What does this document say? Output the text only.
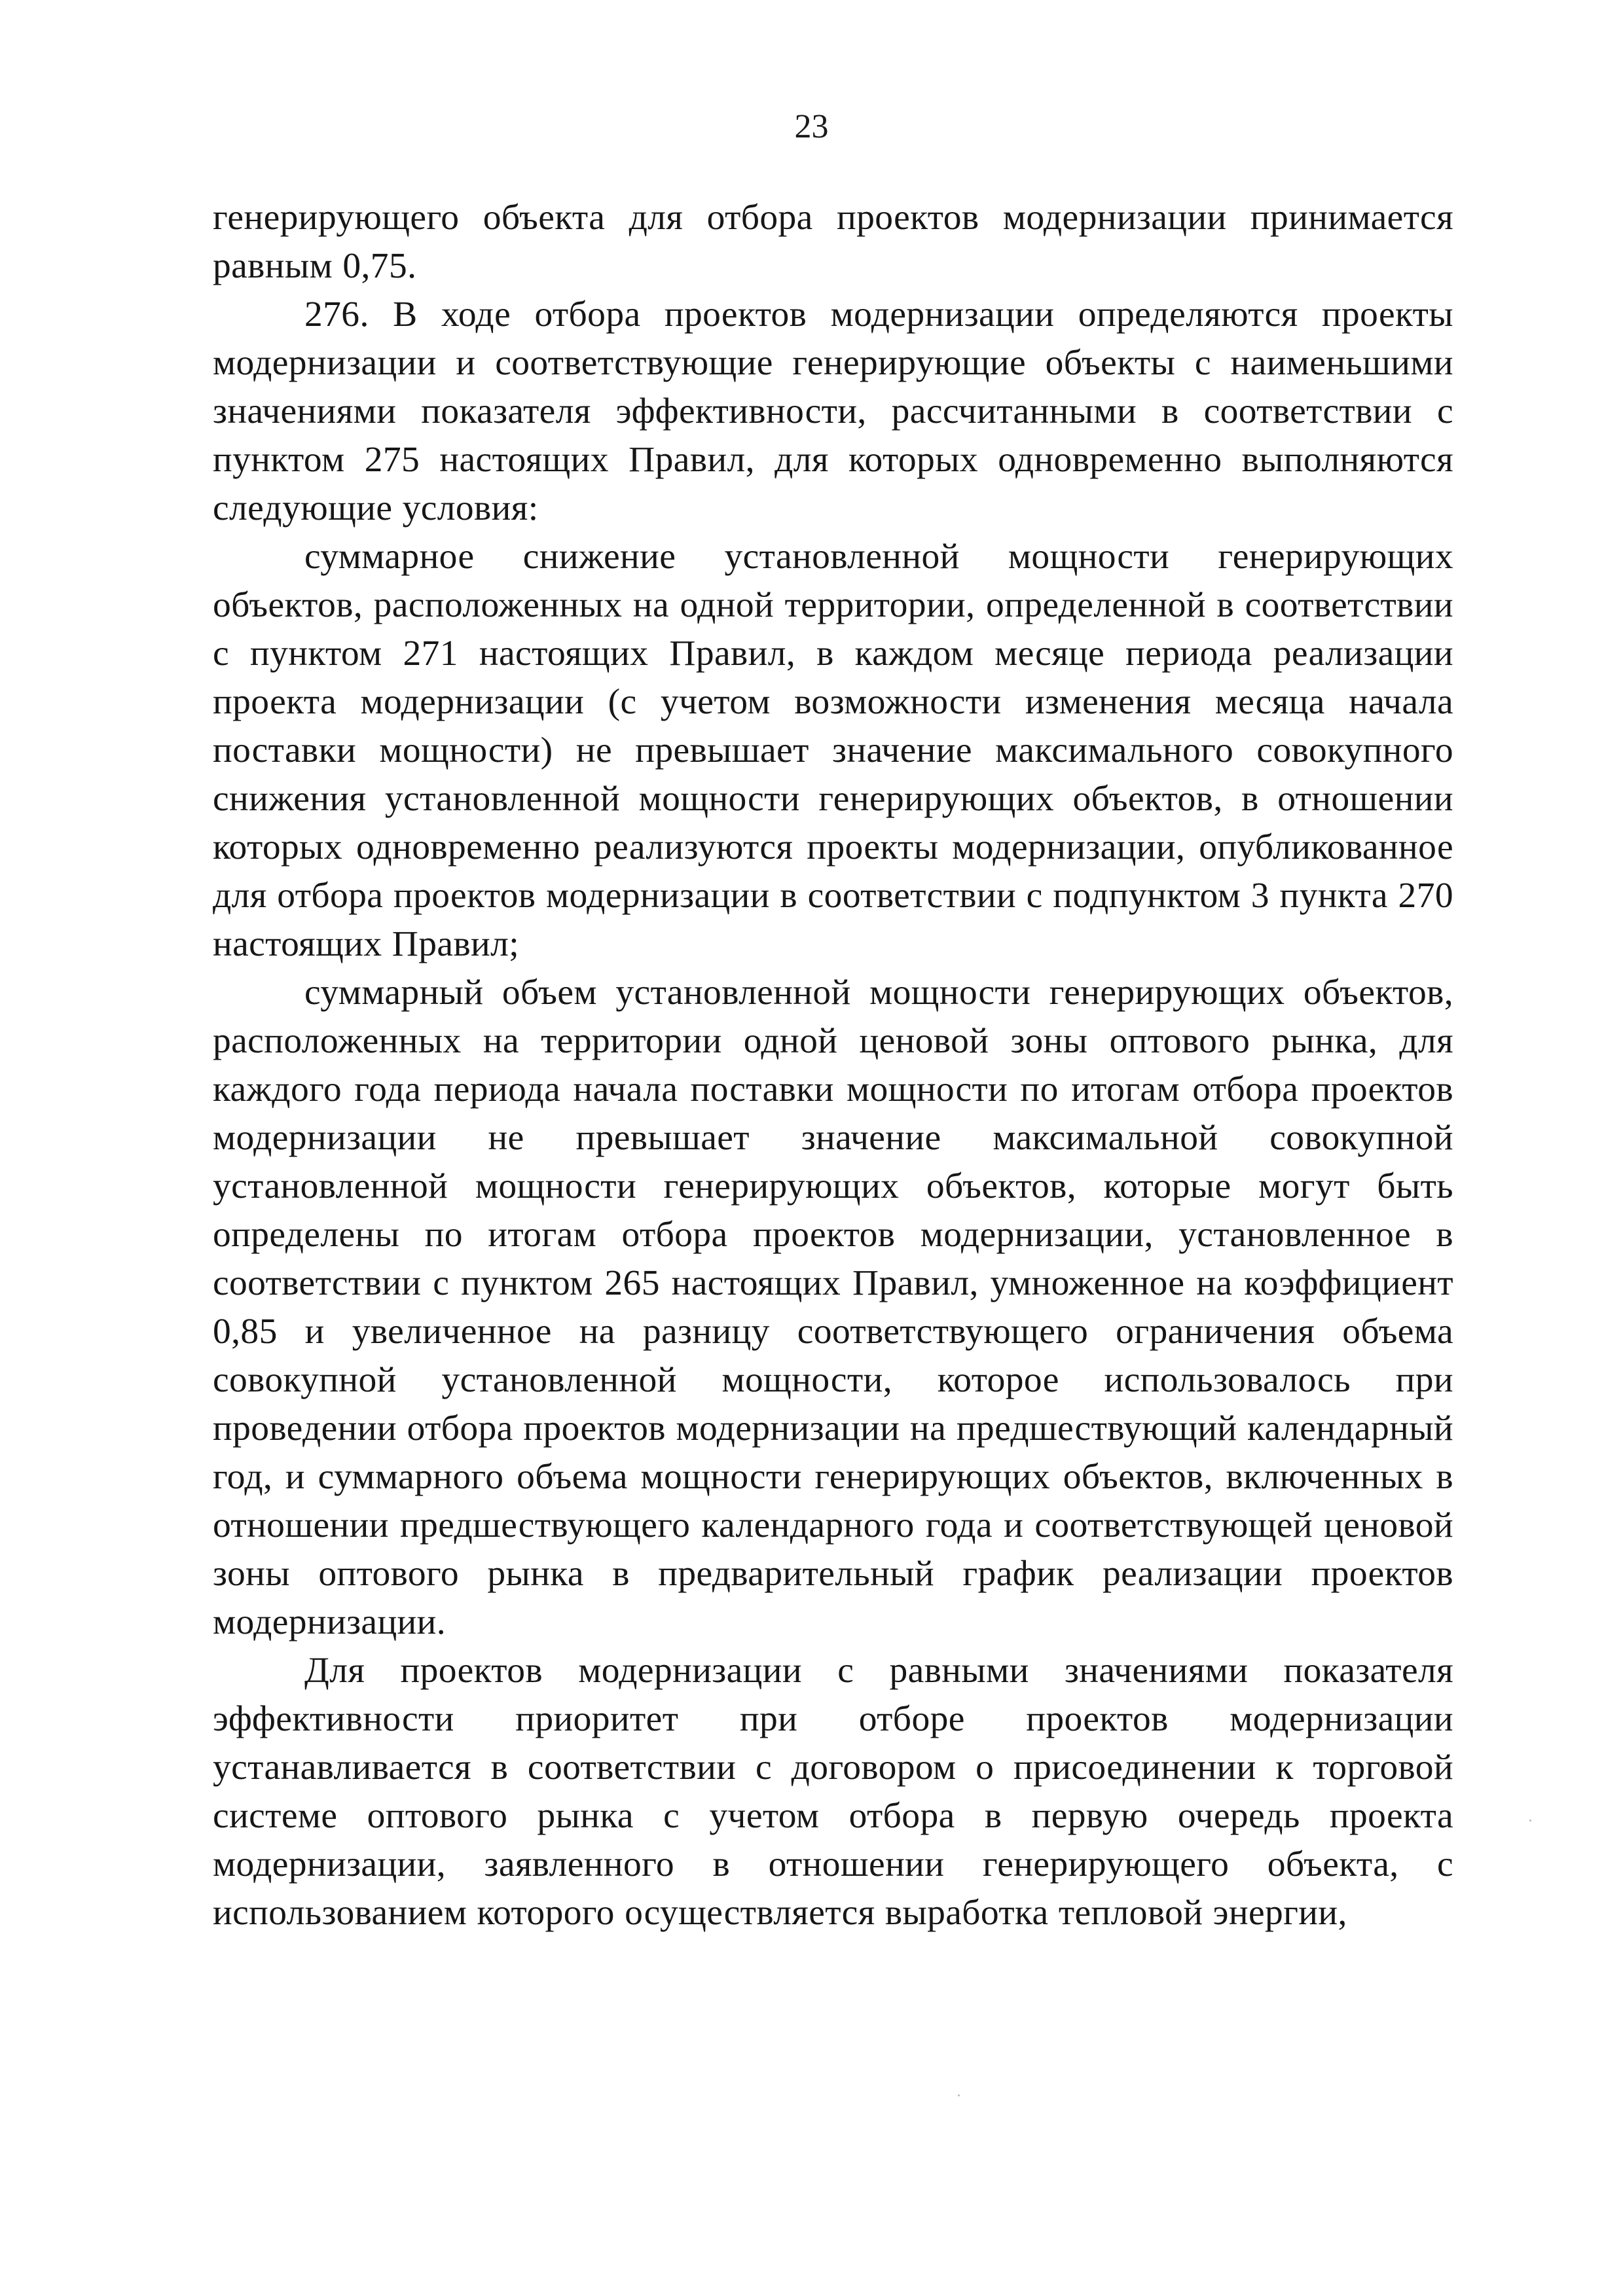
23

генерирующего объекта для отбора проектов модернизации принимается равным 0,75.

276. В ходе отбора проектов модернизации определяются проекты модернизации и соответствующие генерирующие объекты с наименьшими значениями показателя эффективности, рассчитанными в соответствии с пунктом 275 настоящих Правил, для которых одновременно выполняются следующие условия:

суммарное снижение установленной мощности генерирующих объектов, расположенных на одной территории, определенной в соответствии с пунктом 271 настоящих Правил, в каждом месяце периода реализации проекта модернизации (с учетом возможности изменения месяца начала поставки мощности) не превышает значение максимального совокупного снижения установленной мощности генерирующих объектов, в отношении которых одновременно реализуются проекты модернизации, опубликованное для отбора проектов модернизации в соответствии с подпунктом 3 пункта 270 настоящих Правил;

суммарный объем установленной мощности генерирующих объектов, расположенных на территории одной ценовой зоны оптового рынка, для каждого года периода начала поставки мощности по итогам отбора проектов модернизации не превышает значение максимальной совокупной установленной мощности генерирующих объектов, которые могут быть определены по итогам отбора проектов модернизации, установленное в соответствии с пунктом 265 настоящих Правил, умноженное на коэффициент 0,85 и увеличенное на разницу соответствующего ограничения объема совокупной установленной мощности, которое использовалось при проведении отбора проектов модернизации на предшествующий календарный год, и суммарного объема мощности генерирующих объектов, включенных в отношении предшествующего календарного года и соответствующей ценовой зоны оптового рынка в предварительный график реализации проектов модернизации.

Для проектов модернизации с равными значениями показателя эффективности приоритет при отборе проектов модернизации устанавливается в соответствии с договором о присоединении к торговой системе оптового рынка с учетом отбора в первую очередь проекта модернизации, заявленного в отношении генерирующего объекта, с использованием которого осуществляется выработка тепловой энергии,
